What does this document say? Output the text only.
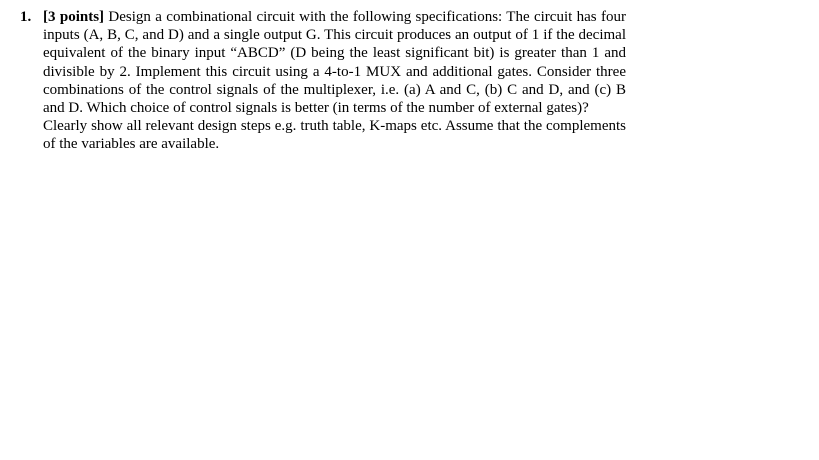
1. [3 points] Design a combinational circuit with the following specifications: The circuit has four inputs (A, B, C, and D) and a single output G. This circuit produces an output of 1 if the decimal equivalent of the binary input “ABCD” (D being the least significant bit) is greater than 1 and divisible by 2. Implement this circuit using a 4-to-1 MUX and additional gates. Consider three combinations of the control signals of the multiplexer, i.e. (a) A and C, (b) C and D, and (c) B and D. Which choice of control signals is better (in terms of the number of external gates)?

Clearly show all relevant design steps e.g. truth table, K-maps etc. Assume that the complements of the variables are available.
